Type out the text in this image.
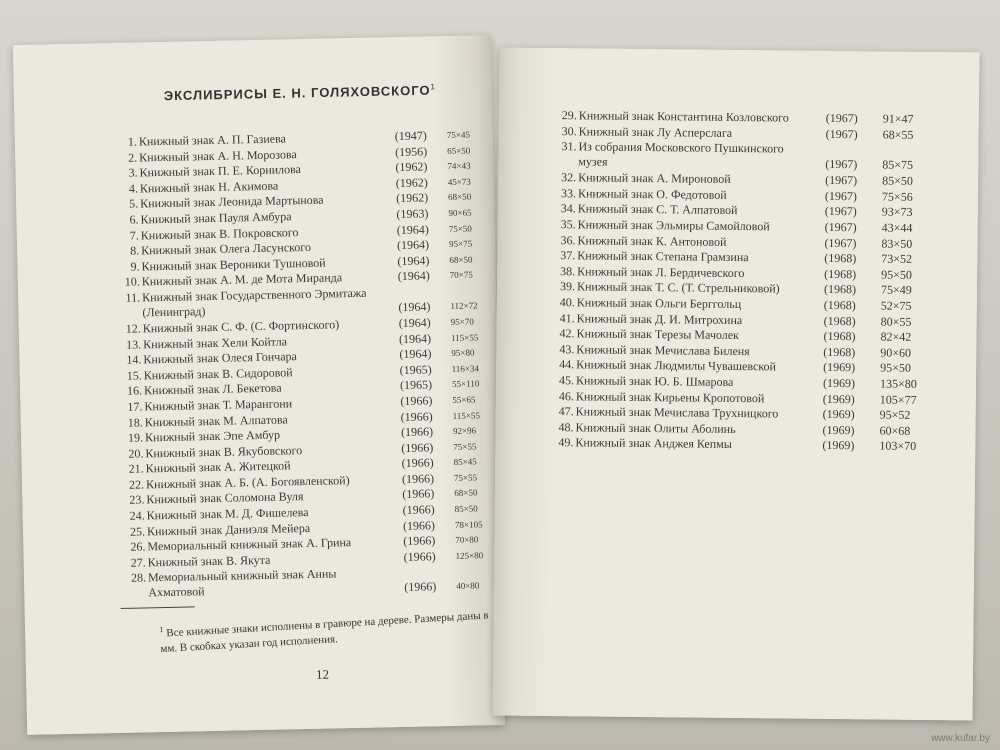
ЭКСЛИБРИСЫ Е. Н. ГОЛЯХОВСКОГО$^1$
1. Книжный знак А. П. Газиева	(1947) 75×45
2. Книжный знак А. Н. Морозова	(1956) 65×50
3. Книжный знак П. Е. Корнилова	(1962) 74×43
4. Книжный знак Н. Акимова	(1962) 45×73
5. Книжный знак Леонида Мартынова	(1962) 68×50
6. Книжный знак Пауля Амбура	(1963) 90×65
7. Книжный знак В. Покровского	(1964) 75×50
8. Книжный знак Олега Ласунского	(1964) 95×75
9. Книжный знак Вероники Тушновой	(1964) 68×50
10. Книжный знак А. М. де Мота Миранда	(1964) 70×75
11. Книжный знак Государственного Эрмитажа
(Ленинград)	(1964) 112×72
12. Книжный знак С. Ф. (С. Фортинского)	(1964) 95×70
13. Книжный знак Хели Койтла	(1964) 115×55
14. Книжный знак Олеся Гончара	(1964) 95×80
15. Книжный знак В. Сидоровой	(1965) 116×34
16. Книжный знак Л. Бекетова	(1965) 55×110
17. Книжный знак Т. Марангони	(1966) 55×65
18. Книжный знак М. Алпатова	(1966) 115×55
19. Книжный знак Эпе Амбур	(1966) 92×96
20. Книжный знак В. Якубовского	(1966) 75×55
21. Книжный знак А. Житецкой	(1966) 85×45
22. Книжный знак А. Б. (А. Богоявленской)	(1966) 75×55
23. Книжный знак Соломона Вуля	(1966) 68×50
24. Книжный знак М. Д. Фишелева	(1966) 85×50
25. Книжный знак Даниэля Мейера	(1966) 78×105
26. Мемориальный книжный знак А. Грина	(1966) 70×80
27. Книжный знак В. Якута	(1966) 125×80
28. Мемориальный книжный знак Анны
Ахматовой	(1966) 40×80
$^1$ Все книжные знаки исполнены в гравюре на дереве. Размеры даны в мм. В скобках указан год исполнения.
12
29. Книжный знак Константина Козловского	(1967) 91×47
30. Книжный знак Лу Асперслага	(1967) 68×55
31. Из собрания Московского Пушкинского
музея	(1967) 85×75
32. Книжный знак А. Мироновой	(1967) 85×50
33. Книжный знак О. Федотовой	(1967) 75×56
34. Книжный знак С. Т. Алпатовой	(1967) 93×73
35. Книжный знак Эльмиры Самойловой	(1967) 43×44
36. Книжный знак К. Антоновой	(1967) 83×50
37. Книжный знак Степана Грамзина	(1968) 73×52
38. Книжный знак Л. Бердичевского	(1968) 95×50
39. Книжный знак Т. С. (Т. Стрельниковой)	(1968) 75×49
40. Книжный знак Ольги Берггольц	(1968) 52×75
41. Книжный знак Д. И. Митрохина	(1968) 80×55
42. Книжный знак Терезы Мачолек	(1968) 82×42
43. Книжный знак Мечислава Биленя	(1968) 90×60
44. Книжный знак Людмилы Чувашевской	(1969) 95×50
45. Книжный знак Ю. Б. Шмарова	(1969) 135×80
46. Книжный знак Кирьены Кропотовой	(1969) 105×77
47. Книжный знак Мечислава Трухницкого	(1969) 95×52
48. Книжный знак Олиты Аболинь	(1969) 60×68
49. Книжный знак Анджея Кепмы	(1969) 103×70
www.kufar.by
